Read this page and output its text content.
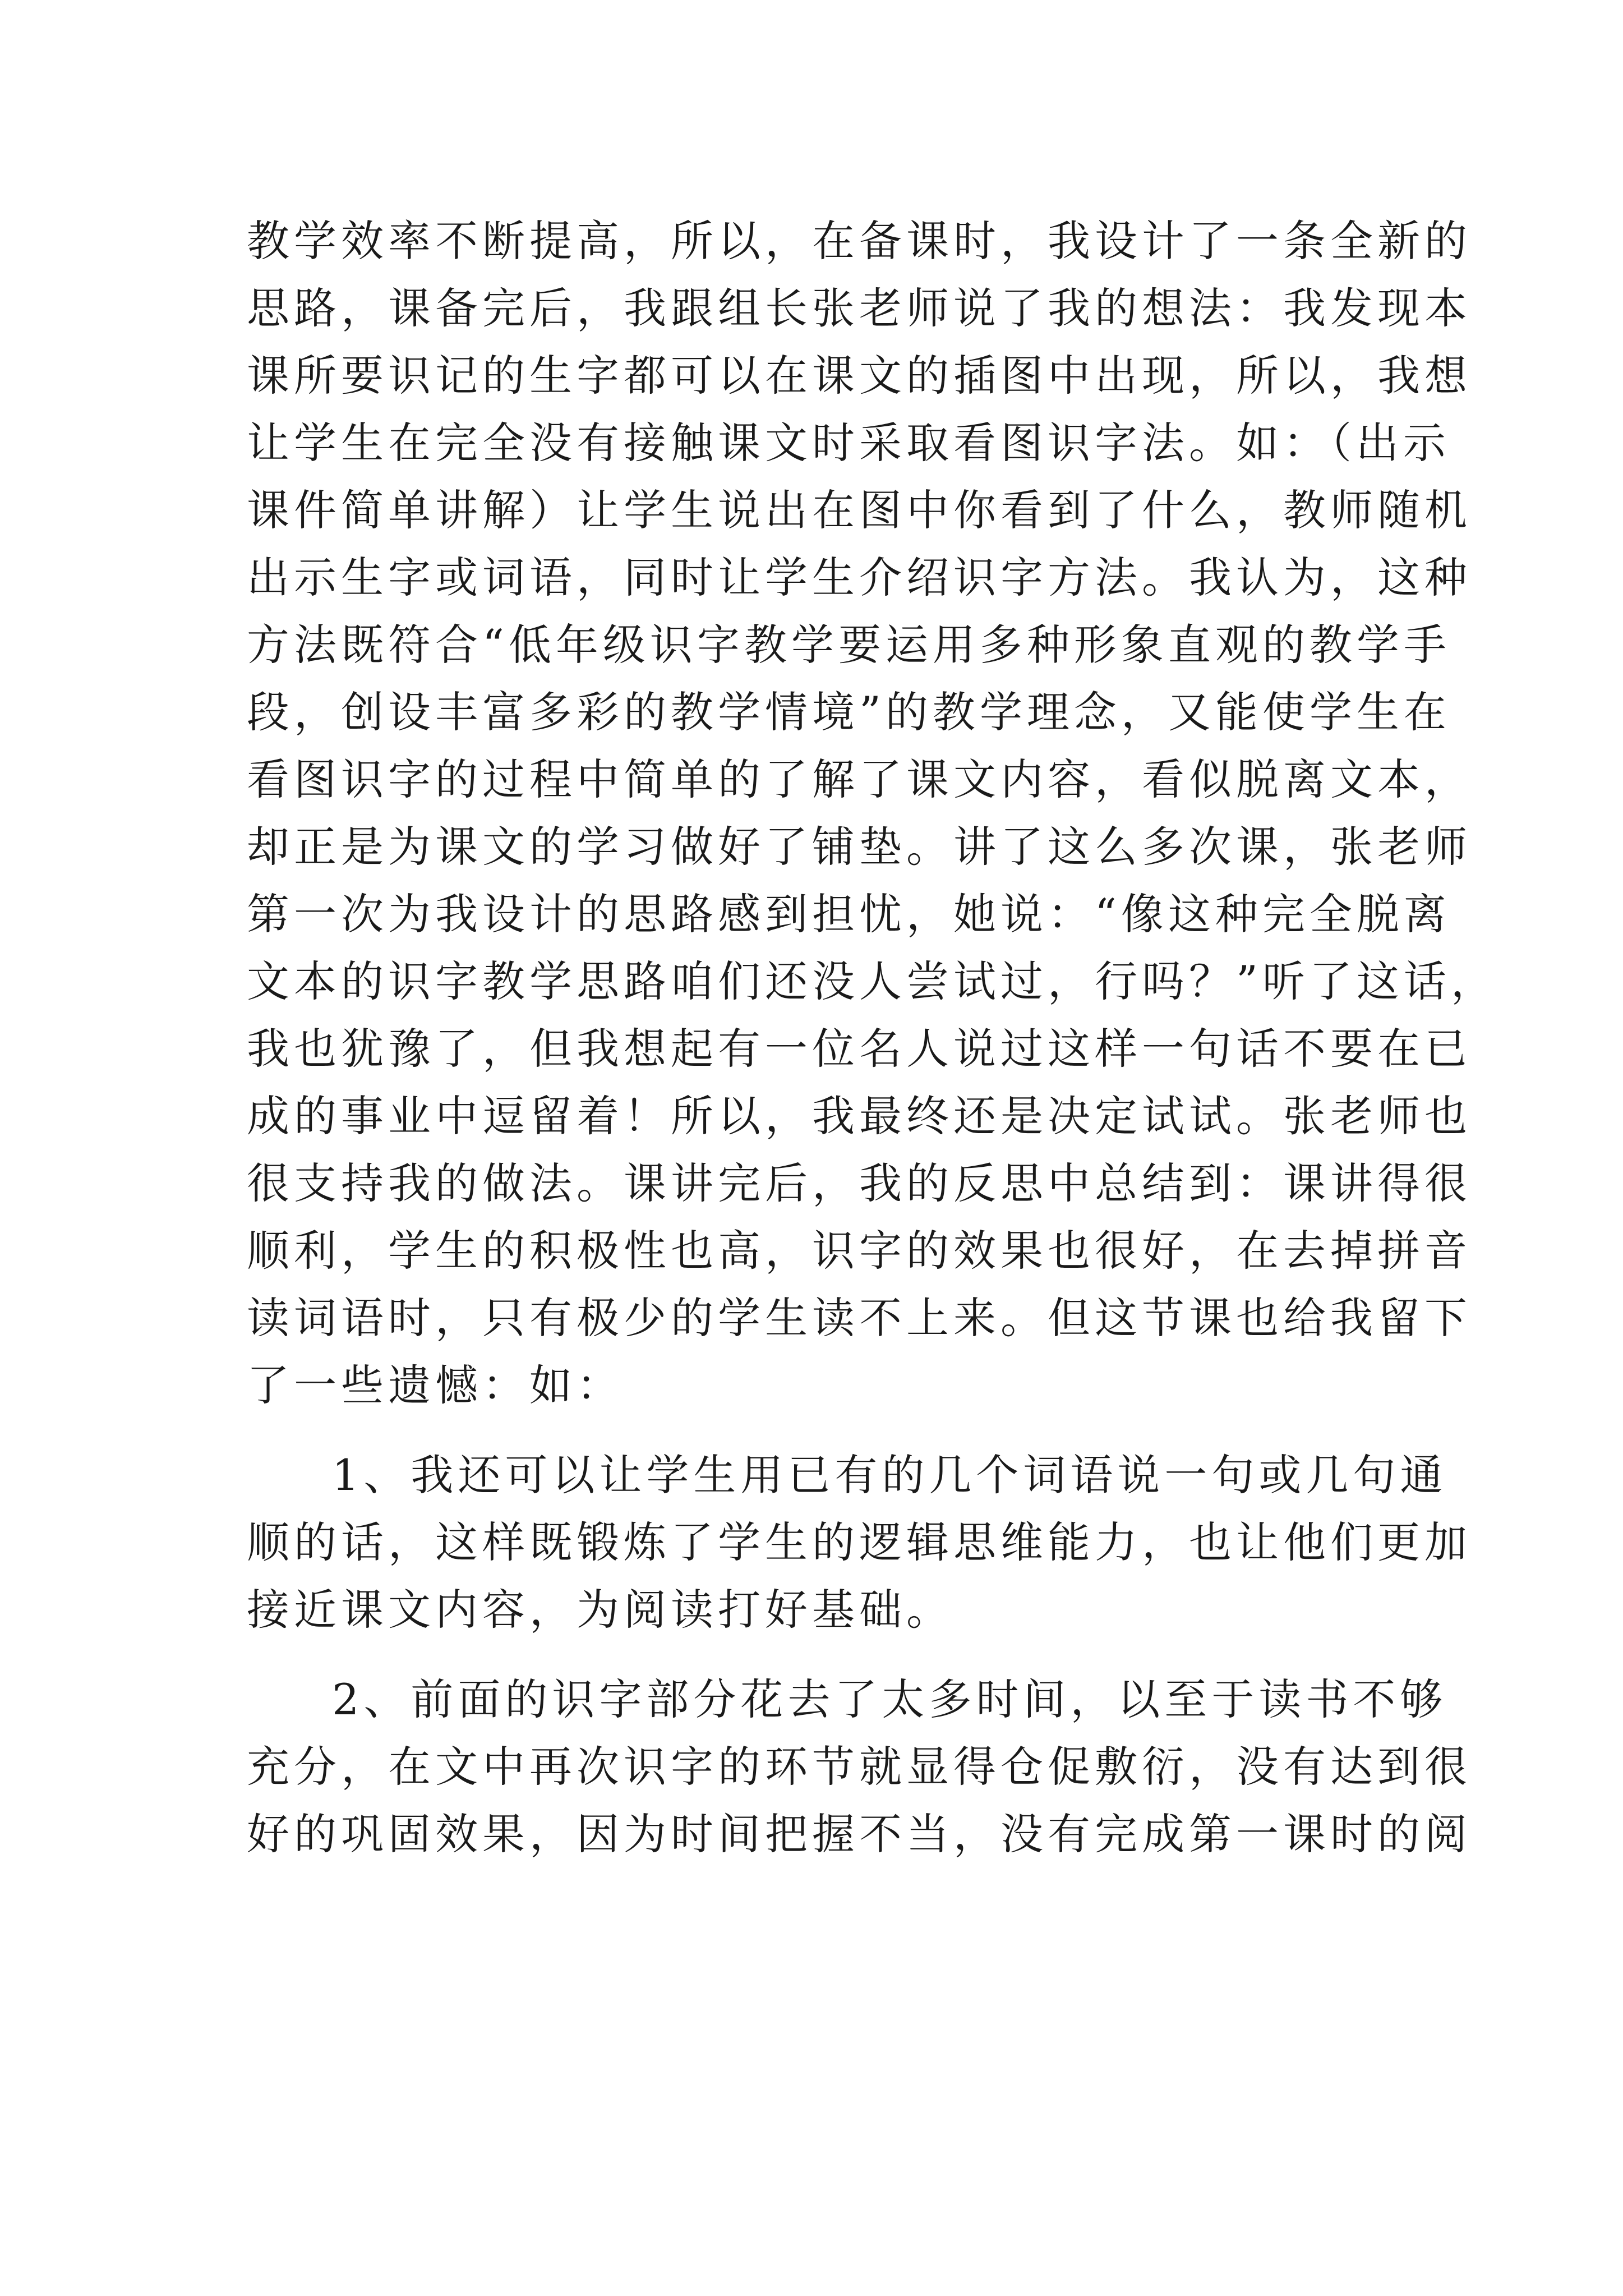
教学效率不断提高，所以，在备课时，我设计了一条全新的
思路，课备完后，我跟组长张老师说了我的想法：我发现本
课所要识记的生字都可以在课文的插图中出现，所以，我想
让学生在完全没有接触课文时采取看图识字法。如：（出示
课件简单讲解）让学生说出在图中你看到了什么，教师随机
出示生字或词语，同时让学生介绍识字方法。我认为，这种
方法既符合“低年级识字教学要运用多种形象直观的教学手
段，创设丰富多彩的教学情境”的教学理念，又能使学生在
看图识字的过程中简单的了解了课文内容，看似脱离文本，
却正是为课文的学习做好了铺垫。讲了这么多次课，张老师
第一次为我设计的思路感到担忧，她说：“像这种完全脱离
文本的识字教学思路咱们还没人尝试过，行吗？”听了这话，
我也犹豫了，但我想起有一位名人说过这样一句话不要在已
成的事业中逗留着！所以，我最终还是决定试试。张老师也
很支持我的做法。课讲完后，我的反思中总结到：课讲得很
顺利，学生的积极性也高，识字的效果也很好，在去掉拼音
读词语时，只有极少的学生读不上来。但这节课也给我留下
了一些遗憾：如：
1、我还可以让学生用已有的几个词语说一句或几句通
顺的话，这样既锻炼了学生的逻辑思维能力，也让他们更加
接近课文内容，为阅读打好基础。
2、前面的识字部分花去了太多时间，以至于读书不够
充分，在文中再次识字的环节就显得仓促敷衍，没有达到很
好的巩固效果，因为时间把握不当，没有完成第一课时的阅
